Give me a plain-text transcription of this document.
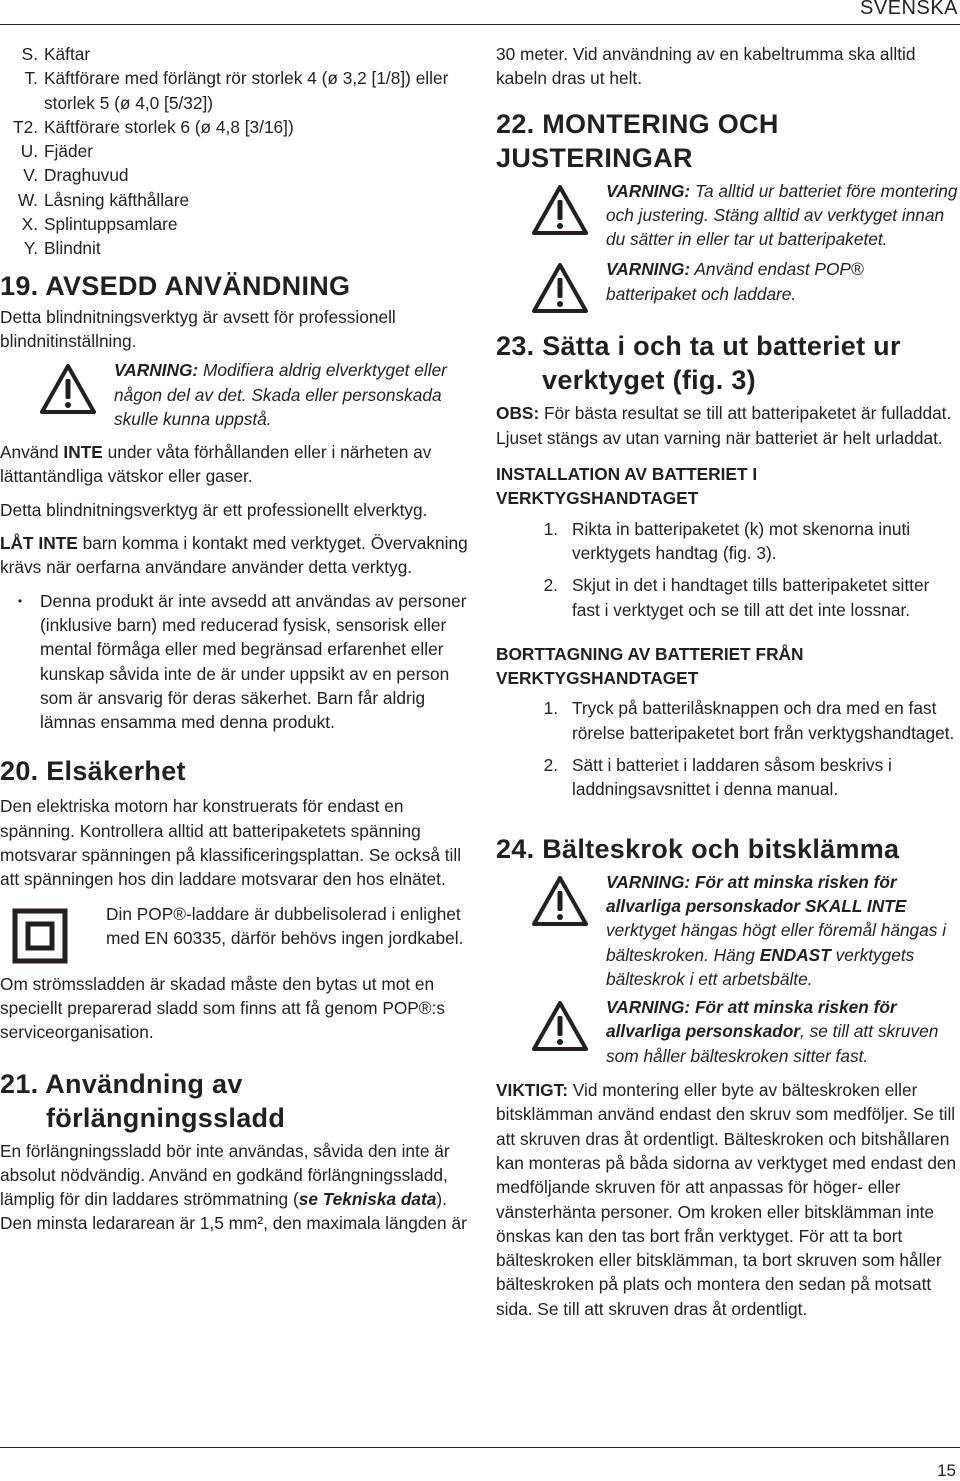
SVENSKA
S. Käftar
T. Käftförare med förlängt rör storlek 4 (ø 3,2 [1/8]) eller storlek 5 (ø 4,0 [5/32])
T2. Käftförare storlek 6 (ø 4,8 [3/16])
U. Fjäder
V. Draghuvud
W. Låsning käfthållare
X. Splintuppsamlare
Y. Blindnit
19. AVSEDD ANVÄNDNING

Detta blindnitningsverktyg är avsett för professionell blindnitinställning.

VARNING: Modifiera aldrig elverktyget eller någon del av det. Skada eller personskada skulle kunna uppstå.

Använd INTE under våta förhållanden eller i närheten av lättantändliga vätskor eller gaser.

Detta blindnitningsverktyg är ett professionellt elverktyg.

LÅT INTE barn komma i kontakt med verktyget. Övervakning krävs när oerfarna användare använder detta verktyg.

•	Denna produkt är inte avsedd att användas av personer (inklusive barn) med reducerad fysisk, sensorisk eller mental förmåga eller med begränsad erfarenhet eller kunskap såvida inte de är under uppsikt av en person som är ansvarig för deras säkerhet. Barn får aldrig lämnas ensamma med denna produkt.
20. Elsäkerhet

Den elektriska motorn har konstruerats för endast en spänning. Kontrollera alltid att batteripaketets spänning motsvarar spänningen på klassificeringsplattan. Se också till att spänningen hos din laddare motsvarar den hos elnätet.

Din POP®-laddare är dubbelisolerad i enlighet med EN 60335, därför behövs ingen jordkabel.

Om strömssladden är skadad måste den bytas ut mot en speciellt preparerad sladd som finns att få genom POP®:s serviceorganisation.

21. Användning av
förlängningssladd

En förlängningssladd bör inte användas, såvida den inte är absolut nödvändig. Använd en godkänd förlängningssladd, lämplig för din laddares strömmatning (se Tekniska data). Den minsta ledararean är 1,5 mm², den maximala längden är

30 meter. Vid användning av en kabeltrumma ska alltid kabeln dras ut helt.

22. MONTERING OCH JUSTERINGAR
VARNING: Ta alltid ur batteriet före montering och justering. Stäng alltid av verktyget innan du sätter in eller tar ut batteripaketet.
VARNING: Använd endast POP® batteripaket och laddare.
23. Sätta i och ta ut batteriet ur
verktyget (fig. 3)

OBS: För bästa resultat se till att batteripaketet är fulladdat. Ljuset stängs av utan varning när batteriet är helt urladdat.

INSTALLATION AV BATTERIET I VERKTYGSHANDTAGET
1. Rikta in batteripaketet (k) mot skenorna inuti verktygets handtag (fig. 3).
2. Skjut in det i handtaget tills batteripaketet sitter fast i verktyget och se till att det inte lossnar.
BORTTAGNING AV BATTERIET FRÅN VERKTYGSHANDTAGET
1. Tryck på batterilåsknappen och dra med en fast rörelse batteripaketet bort från verktygshandtaget.
2. Sätt i batteriet i laddaren såsom beskrivs i laddningsavsnittet i denna manual.
24. Bälteskrok och bitsklämma
VARNING: För att minska risken för allvarliga personskador SKALL INTE verktyget hängas högt eller föremål hängas i bälteskroken. Häng ENDAST verktygets bälteskrok i ett arbetsbälte.
VARNING: För att minska risken för allvarliga personskador, se till att skruven som håller bälteskroken sitter fast.

VIKTIGT: Vid montering eller byte av bälteskroken eller bitsklämman använd endast den skruv som medföljer. Se till att skruven dras åt ordentligt. Bälteskroken och bitshållaren kan monteras på båda sidorna av verktyget med endast den medföljande skruven för att anpassas för höger- eller vänsterhänta personer. Om kroken eller bitsklämman inte önskas kan den tas bort från verktyget. För att ta bort bälteskroken eller bitsklämman, ta bort skruven som håller bälteskroken på plats och montera den sedan på motsatt sida. Se till att skruven dras åt ordentligt.

15
